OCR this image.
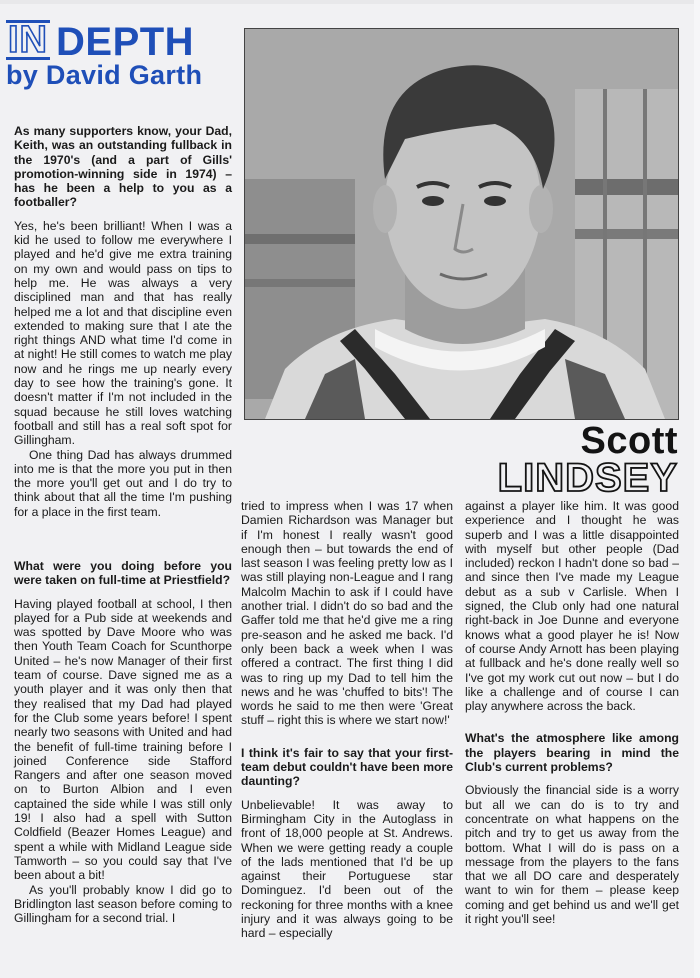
IN DEPTH
by David Garth
Scott
LINDSEY

As many supporters know, your Dad, Keith, was an outstanding fullback in the 1970's (and a part of Gills' promotion-winning side in 1974) – has he been a help to you as a footballer?

Yes, he's been brilliant! When I was a kid he used to follow me everywhere I played and he'd give me extra training on my own and would pass on tips to help me. He was always a very disciplined man and that has really helped me a lot and that discipline even extended to making sure that I ate the right things AND what time I'd come in at night! He still comes to watch me play now and he rings me up nearly every day to see how the training's gone. It doesn't matter if I'm not included in the squad because he still loves watching football and still has a real soft spot for Gillingham.

One thing Dad has always drummed into me is that the more you put in then the more you'll get out and I do try to think about that all the time I'm pushing for a place in the first team.

What were you doing before you were taken on full-time at Priestfield?

Having played football at school, I then played for a Pub side at weekends and was spotted by Dave Moore who was then Youth Team Coach for Scunthorpe United – he's now Manager of their first team of course. Dave signed me as a youth player and it was only then that they realised that my Dad had played for the Club some years before! I spent nearly two seasons with United and had the benefit of full-time training before I joined Conference side Stafford Rangers and after one season moved on to Burton Albion and I even captained the side while I was still only 19! I also had a spell with Sutton Coldfield (Beazer Homes League) and spent a while with Midland League side Tamworth – so you could say that I've been about a bit!

As you'll probably know I did go to Bridlington last season before coming to Gillingham for a second trial. I

tried to impress when I was 17 when Damien Richardson was Manager but if I'm honest I really wasn't good enough then – but towards the end of last season I was feeling pretty low as I was still playing non-League and I rang Malcolm Machin to ask if I could have another trial. I didn't do so bad and the Gaffer told me that he'd give me a ring pre-season and he asked me back. I'd only been back a week when I was offered a contract. The first thing I did was to ring up my Dad to tell him the news and he was 'chuffed to bits'! The words he said to me then were 'Great stuff – right this is where we start now!'

I think it's fair to say that your first-team debut couldn't have been more daunting?

Unbelievable! It was away to Birmingham City in the Autoglass in front of 18,000 people at St. Andrews. When we were getting ready a couple of the lads mentioned that I'd be up against their Portuguese star Dominguez. I'd been out of the reckoning for three months with a knee injury and it was always going to be hard – especially

against a player like him. It was good experience and I thought he was superb and I was a little disappointed with myself but other people (Dad included) reckon I hadn't done so bad – and since then I've made my League debut as a sub v Carlisle. When I signed, the Club only had one natural right-back in Joe Dunne and everyone knows what a good player he is! Now of course Andy Arnott has been playing at fullback and he's done really well so I've got my work cut out now – but I do like a challenge and of course I can play anywhere across the back.

What's the atmosphere like among the players bearing in mind the Club's current problems?

Obviously the financial side is a worry but all we can do is to try and concentrate on what happens on the pitch and try to get us away from the bottom. What I will do is pass on a message from the players to the fans that we all DO care and desperately want to win for them – please keep coming and get behind us and we'll get it right you'll see!
